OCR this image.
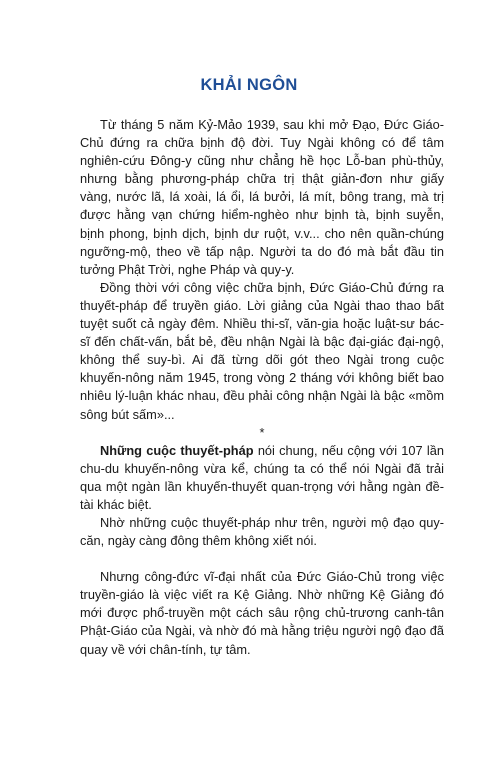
KHẢI NGÔN

Từ tháng 5 năm Kỷ-Mảo 1939, sau khi mở Đạo, Đức Giáo-Chủ đứng ra chữa bịnh độ đời. Tuy Ngài không có để tâm nghiên-cứu Đông-y cũng như chẳng hề học Lỗ-ban phù-thủy, nhưng bằng phương-pháp chữa trị thật giản-đơn như giấy vàng, nước lã, lá xoài, lá ổi, lá bưởi, lá mít, bông trang, mà trị được hằng vạn chứng hiểm-nghèo như bịnh tà, bịnh suyễn, bịnh phong, bịnh dịch, bịnh dư ruột, v.v... cho nên quần-chúng ngưỡng-mộ, theo về tấp nập. Người ta do đó mà bắt đầu tin tưởng Phật Trời, nghe Pháp và quy-y.

Đồng thời với công việc chữa bịnh, Đức Giáo-Chủ đứng ra thuyết-pháp để truyền giáo. Lời giảng của Ngài thao thao bất tuyệt suốt cả ngày đêm. Nhiều thi-sĩ, văn-gia hoặc luật-sư bác-sĩ đến chất-vấn, bắt bẻ, đều nhận Ngài là bậc đại-giác đại-ngộ, không thể suy-bì. Ai đã từng dõi gót theo Ngài trong cuộc khuyến-nông năm 1945, trong vòng 2 tháng với không biết bao nhiêu lý-luận khác nhau, đều phải công nhận Ngài là bậc «mồm sông bút sấm»...

*

Những cuộc thuyết-pháp nói chung, nếu cộng với 107 lần chu-du khuyến-nông vừa kể, chúng ta có thể nói Ngài đã trải qua một ngàn lần khuyến-thuyết quan-trọng với hằng ngàn đề-tài khác biệt.

Nhờ những cuộc thuyết-pháp như trên, người mộ đạo quy-căn, ngày càng đông thêm không xiết nói.

Nhưng công-đức vĩ-đại nhất của Đức Giáo-Chủ trong việc truyền-giáo là việc viết ra Kệ Giảng. Nhờ những Kệ Giảng đó mới được phổ-truyền một cách sâu rộng chủ-trương canh-tân Phật-Giáo của Ngài, và nhờ đó mà hằng triệu người ngộ đạo đã quay về với chân-tính, tự tâm.
